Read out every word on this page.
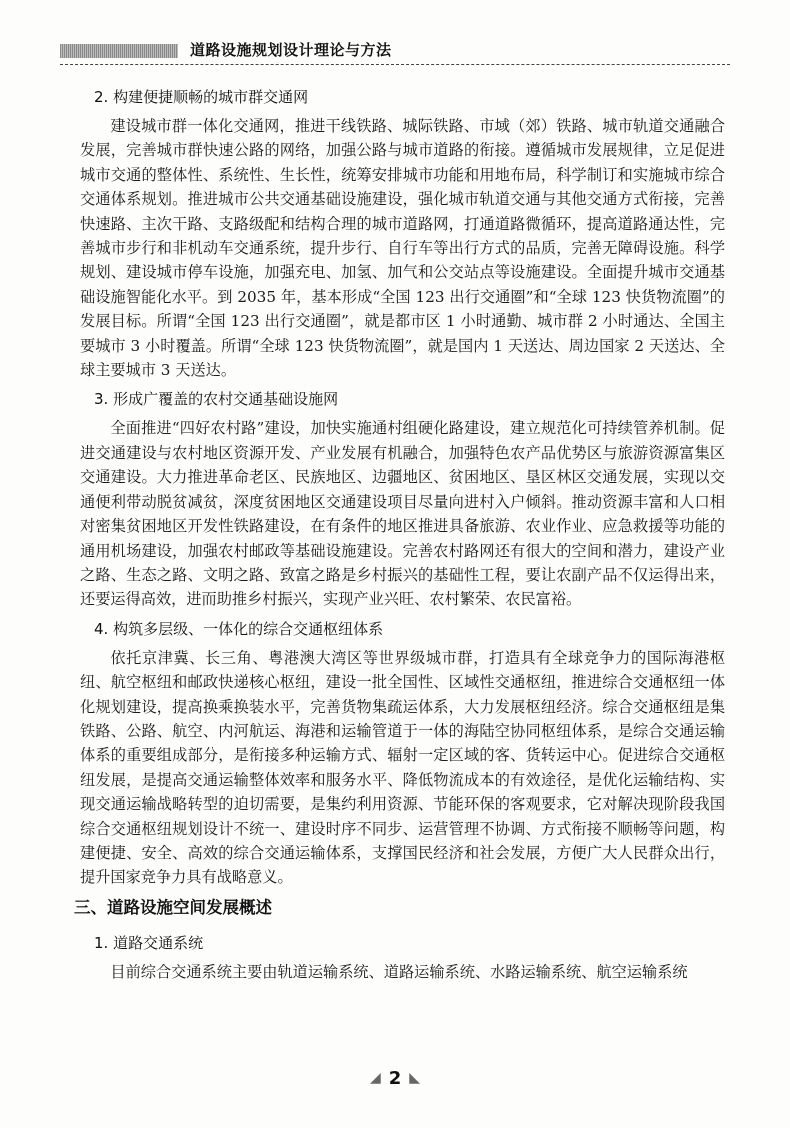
道路设施规划设计理论与方法
2. 构建便捷顺畅的城市群交通网

建设城市群一体化交通网，推进干线铁路、城际铁路、市域（郊）铁路、城市轨道交通融合发展，完善城市群快速公路的网络，加强公路与城市道路的衔接。遵循城市发展规律，立足促进城市交通的整体性、系统性、生长性，统筹安排城市功能和用地布局，科学制订和实施城市综合交通体系规划。推进城市公共交通基础设施建设，强化城市轨道交通与其他交通方式衔接，完善快速路、主次干路、支路级配和结构合理的城市道路网，打通道路微循环，提高道路通达性，完善城市步行和非机动车交通系统，提升步行、自行车等出行方式的品质，完善无障碍设施。科学规划、建设城市停车设施，加强充电、加氢、加气和公交站点等设施建设。全面提升城市交通基础设施智能化水平。到 2035 年，基本形成“全国 123 出行交通圈”和“全球 123 快货物流圈”的发展目标。所谓“全国 123 出行交通圈”，就是都市区 1 小时通勤、城市群 2 小时通达、全国主要城市 3 小时覆盖。所谓“全球 123 快货物流圈”，就是国内 1 天送达、周边国家 2 天送达、全球主要城市 3 天送达。

3. 形成广覆盖的农村交通基础设施网

全面推进“四好农村路”建设，加快实施通村组硬化路建设，建立规范化可持续管养机制。促进交通建设与农村地区资源开发、产业发展有机融合，加强特色农产品优势区与旅游资源富集区交通建设。大力推进革命老区、民族地区、边疆地区、贫困地区、垦区林区交通发展，实现以交通便利带动脱贫减贫，深度贫困地区交通建设项目尽量向进村入户倾斜。推动资源丰富和人口相对密集贫困地区开发性铁路建设，在有条件的地区推进具备旅游、农业作业、应急救援等功能的通用机场建设，加强农村邮政等基础设施建设。完善农村路网还有很大的空间和潜力，建设产业之路、生态之路、文明之路、致富之路是乡村振兴的基础性工程，要让农副产品不仅运得出来，还要运得高效，进而助推乡村振兴，实现产业兴旺、农村繁荣、农民富裕。

4. 构筑多层级、一体化的综合交通枢纽体系

依托京津冀、长三角、粤港澳大湾区等世界级城市群，打造具有全球竞争力的国际海港枢纽、航空枢纽和邮政快递核心枢纽，建设一批全国性、区域性交通枢纽，推进综合交通枢纽一体化规划建设，提高换乘换装水平，完善货物集疏运体系，大力发展枢纽经济。综合交通枢纽是集铁路、公路、航空、内河航运、海港和运输管道于一体的海陆空协同枢纽体系，是综合交通运输体系的重要组成部分，是衔接多种运输方式、辐射一定区域的客、货转运中心。促进综合交通枢纽发展，是提高交通运输整体效率和服务水平、降低物流成本的有效途径，是优化运输结构、实现交通运输战略转型的迫切需要，是集约利用资源、节能环保的客观要求，它对解决现阶段我国综合交通枢纽规划设计不统一、建设时序不同步、运营管理不协调、方式衔接不顺畅等问题，构建便捷、安全、高效的综合交通运输体系，支撑国民经济和社会发展，方便广大人民群众出行，提升国家竞争力具有战略意义。

三、道路设施空间发展概述
1. 道路交通系统

目前综合交通系统主要由轨道运输系统、道路运输系统、水路运输系统、航空运输系统

◢ 2 ◣
